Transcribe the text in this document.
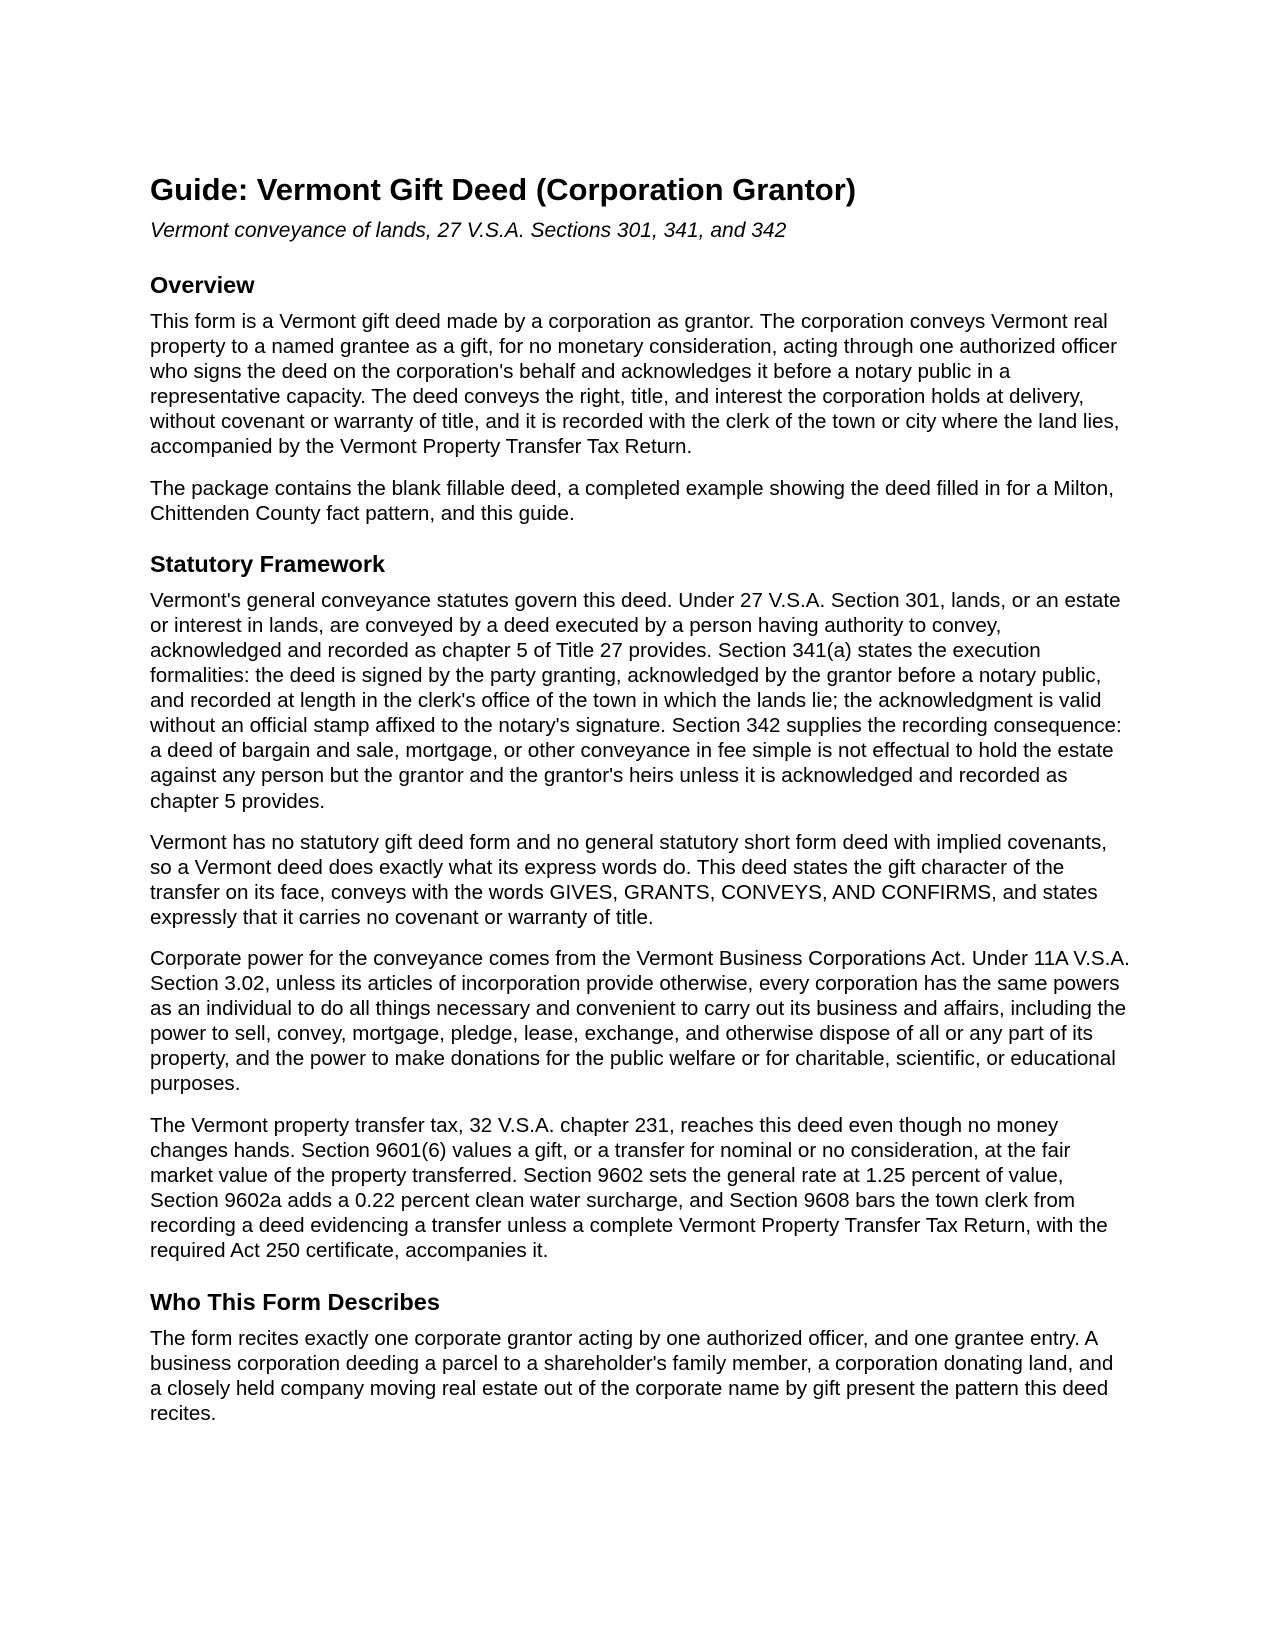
Guide: Vermont Gift Deed (Corporation Grantor)
Vermont conveyance of lands, 27 V.S.A. Sections 301, 341, and 342
Overview

This form is a Vermont gift deed made by a corporation as grantor. The corporation conveys Vermont real property to a named grantee as a gift, for no monetary consideration, acting through one authorized officer who signs the deed on the corporation's behalf and acknowledges it before a notary public in a representative capacity. The deed conveys the right, title, and interest the corporation holds at delivery, without covenant or warranty of title, and it is recorded with the clerk of the town or city where the land lies, accompanied by the Vermont Property Transfer Tax Return.

The package contains the blank fillable deed, a completed example showing the deed filled in for a Milton, Chittenden County fact pattern, and this guide.

Statutory Framework

Vermont's general conveyance statutes govern this deed. Under 27 V.S.A. Section 301, lands, or an estate or interest in lands, are conveyed by a deed executed by a person having authority to convey, acknowledged and recorded as chapter 5 of Title 27 provides. Section 341(a) states the execution formalities: the deed is signed by the party granting, acknowledged by the grantor before a notary public, and recorded at length in the clerk's office of the town in which the lands lie; the acknowledgment is valid without an official stamp affixed to the notary's signature. Section 342 supplies the recording consequence: a deed of bargain and sale, mortgage, or other conveyance in fee simple is not effectual to hold the estate against any person but the grantor and the grantor's heirs unless it is acknowledged and recorded as chapter 5 provides.

Vermont has no statutory gift deed form and no general statutory short form deed with implied covenants, so a Vermont deed does exactly what its express words do. This deed states the gift character of the transfer on its face, conveys with the words GIVES, GRANTS, CONVEYS, AND CONFIRMS, and states expressly that it carries no covenant or warranty of title.

Corporate power for the conveyance comes from the Vermont Business Corporations Act. Under 11A V.S.A. Section 3.02, unless its articles of incorporation provide otherwise, every corporation has the same powers as an individual to do all things necessary and convenient to carry out its business and affairs, including the power to sell, convey, mortgage, pledge, lease, exchange, and otherwise dispose of all or any part of its property, and the power to make donations for the public welfare or for charitable, scientific, or educational purposes.

The Vermont property transfer tax, 32 V.S.A. chapter 231, reaches this deed even though no money changes hands. Section 9601(6) values a gift, or a transfer for nominal or no consideration, at the fair market value of the property transferred. Section 9602 sets the general rate at 1.25 percent of value, Section 9602a adds a 0.22 percent clean water surcharge, and Section 9608 bars the town clerk from recording a deed evidencing a transfer unless a complete Vermont Property Transfer Tax Return, with the required Act 250 certificate, accompanies it.

Who This Form Describes

The form recites exactly one corporate grantor acting by one authorized officer, and one grantee entry. A business corporation deeding a parcel to a shareholder's family member, a corporation donating land, and a closely held company moving real estate out of the corporate name by gift present the pattern this deed recites.
